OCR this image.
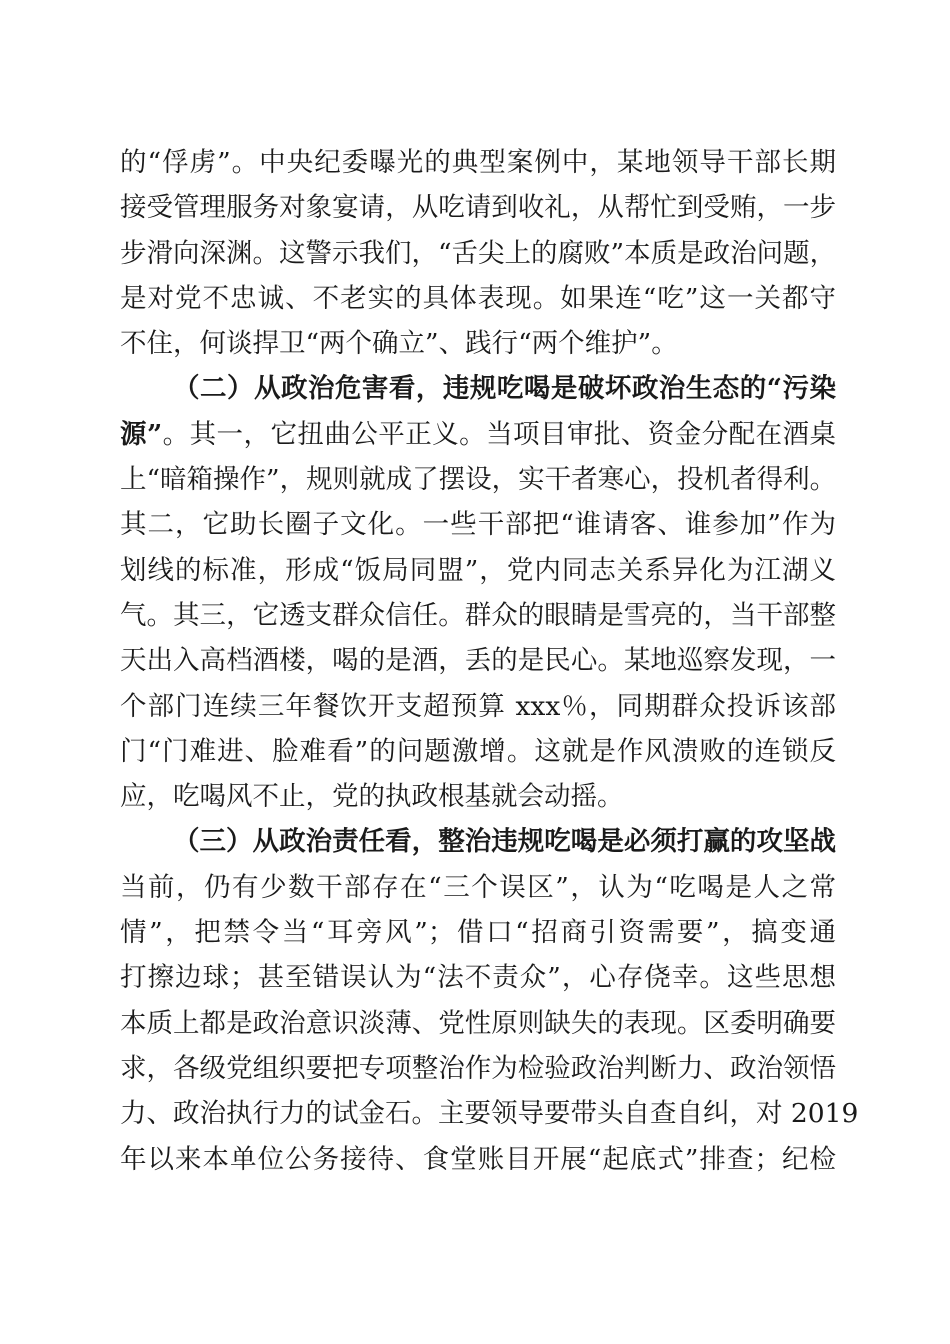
的“俘虏”。中央纪委曝光的典型案例中，某地领导干部长期
接受管理服务对象宴请，从吃请到收礼，从帮忙到受贿，一步
步滑向深渊。这警示我们，“舌尖上的腐败”本质是政治问题，
是对党不忠诚、不老实的具体表现。如果连“吃”这一关都守
不住，何谈捍卫“两个确立”、践行“两个维护”。
（二）从政治危害看，违规吃喝是破坏政治生态的“污染
源”。其一，它扭曲公平正义。当项目审批、资金分配在酒桌
上“暗箱操作”，规则就成了摆设，实干者寒心，投机者得利。
其二，它助长圈子文化。一些干部把“谁请客、谁参加”作为
划线的标准，形成“饭局同盟”，党内同志关系异化为江湖义
气。其三，它透支群众信任。群众的眼睛是雪亮的，当干部整
天出入高档酒楼，喝的是酒，丢的是民心。某地巡察发现，一
个部门连续三年餐饮开支超预算 xxx％，同期群众投诉该部
门“门难进、脸难看”的问题激增。这就是作风溃败的连锁反
应，吃喝风不止，党的执政根基就会动摇。
（三）从政治责任看，整治违规吃喝是必须打赢的攻坚战
当前，仍有少数干部存在“三个误区”，认为“吃喝是人之常
情”，把禁令当“耳旁风”；借口“招商引资需要”，搞变通
打擦边球；甚至错误认为“法不责众”，心存侥幸。这些思想
本质上都是政治意识淡薄、党性原则缺失的表现。区委明确要
求，各级党组织要把专项整治作为检验政治判断力、政治领悟
力、政治执行力的试金石。主要领导要带头自查自纠，对 2019
年以来本单位公务接待、食堂账目开展“起底式”排查；纪检
